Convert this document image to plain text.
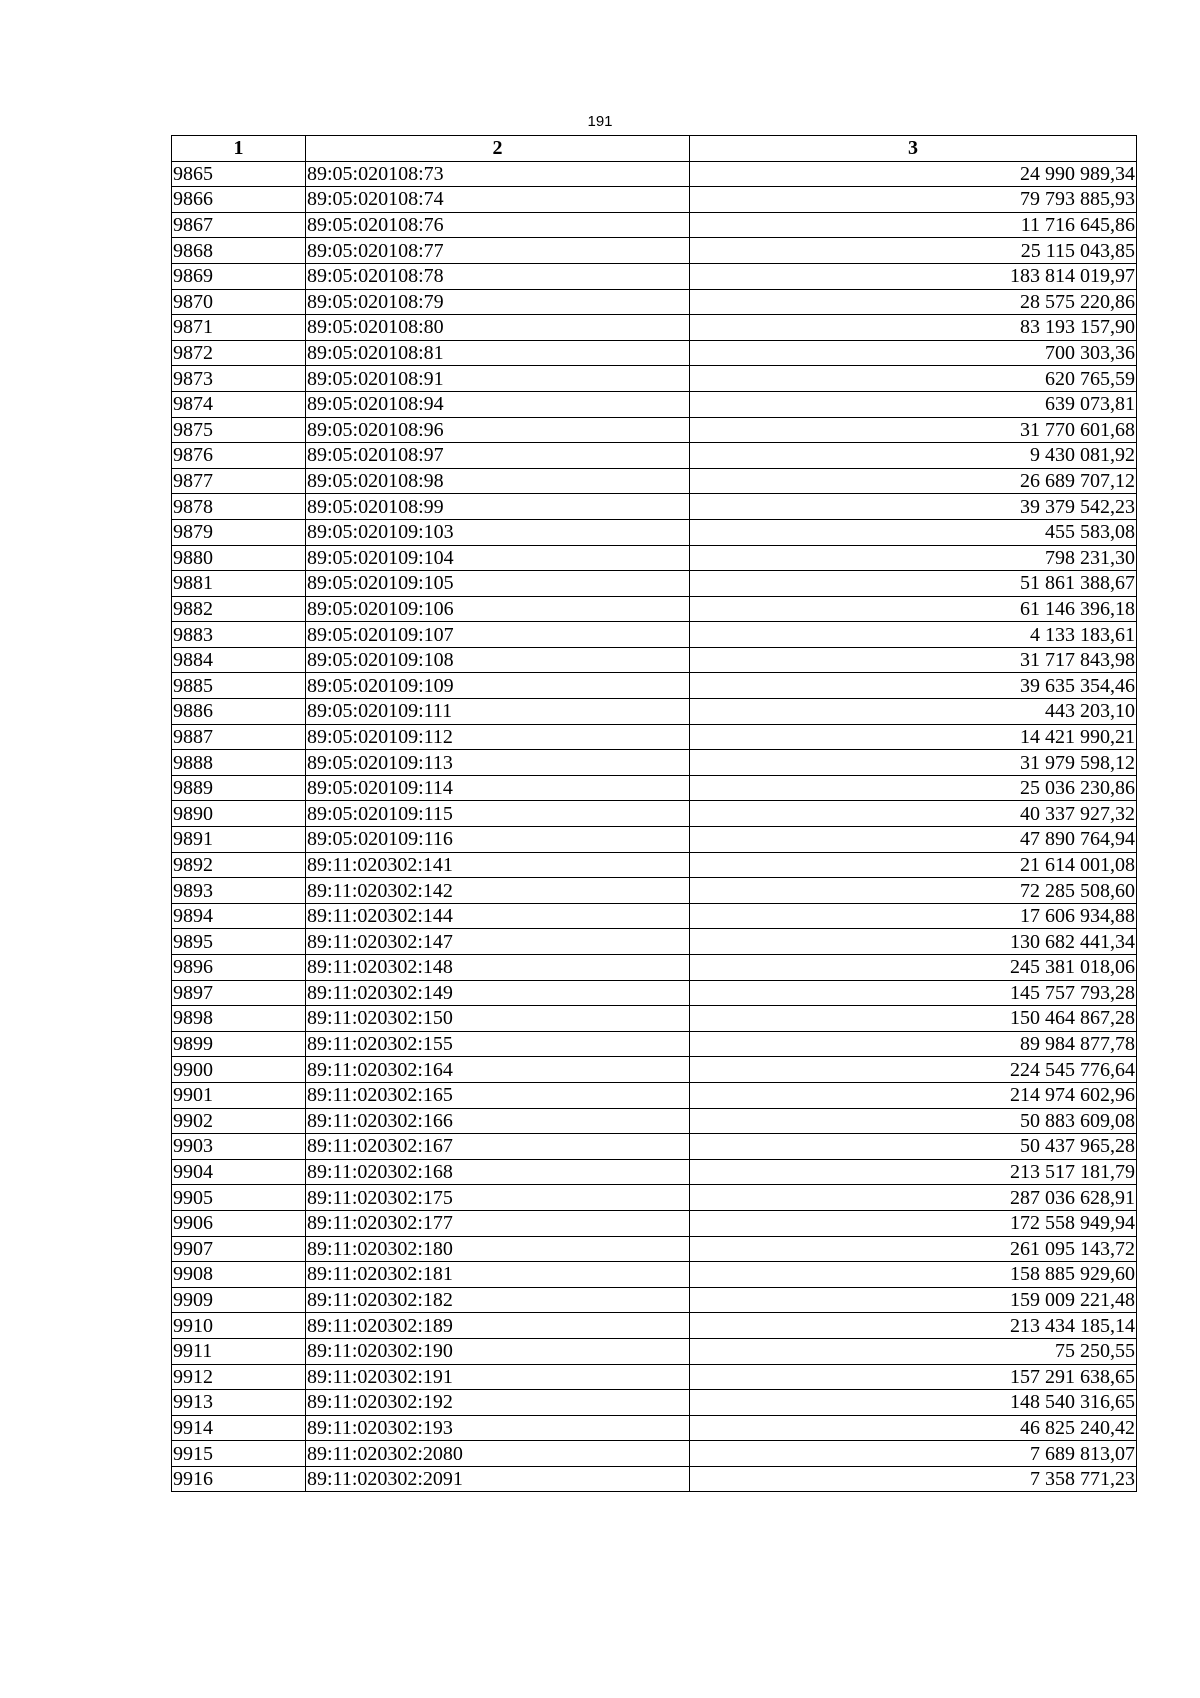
191
1	2	3
9865	89:05:020108:73	24 990 989,34
9866	89:05:020108:74	79 793 885,93
9867	89:05:020108:76	11 716 645,86
9868	89:05:020108:77	25 115 043,85
9869	89:05:020108:78	183 814 019,97
9870	89:05:020108:79	28 575 220,86
9871	89:05:020108:80	83 193 157,90
9872	89:05:020108:81	700 303,36
9873	89:05:020108:91	620 765,59
9874	89:05:020108:94	639 073,81
9875	89:05:020108:96	31 770 601,68
9876	89:05:020108:97	9 430 081,92
9877	89:05:020108:98	26 689 707,12
9878	89:05:020108:99	39 379 542,23
9879	89:05:020109:103	455 583,08
9880	89:05:020109:104	798 231,30
9881	89:05:020109:105	51 861 388,67
9882	89:05:020109:106	61 146 396,18
9883	89:05:020109:107	4 133 183,61
9884	89:05:020109:108	31 717 843,98
9885	89:05:020109:109	39 635 354,46
9886	89:05:020109:111	443 203,10
9887	89:05:020109:112	14 421 990,21
9888	89:05:020109:113	31 979 598,12
9889	89:05:020109:114	25 036 230,86
9890	89:05:020109:115	40 337 927,32
9891	89:05:020109:116	47 890 764,94
9892	89:11:020302:141	21 614 001,08
9893	89:11:020302:142	72 285 508,60
9894	89:11:020302:144	17 606 934,88
9895	89:11:020302:147	130 682 441,34
9896	89:11:020302:148	245 381 018,06
9897	89:11:020302:149	145 757 793,28
9898	89:11:020302:150	150 464 867,28
9899	89:11:020302:155	89 984 877,78
9900	89:11:020302:164	224 545 776,64
9901	89:11:020302:165	214 974 602,96
9902	89:11:020302:166	50 883 609,08
9903	89:11:020302:167	50 437 965,28
9904	89:11:020302:168	213 517 181,79
9905	89:11:020302:175	287 036 628,91
9906	89:11:020302:177	172 558 949,94
9907	89:11:020302:180	261 095 143,72
9908	89:11:020302:181	158 885 929,60
9909	89:11:020302:182	159 009 221,48
9910	89:11:020302:189	213 434 185,14
9911	89:11:020302:190	75 250,55
9912	89:11:020302:191	157 291 638,65
9913	89:11:020302:192	148 540 316,65
9914	89:11:020302:193	46 825 240,42
9915	89:11:020302:2080	7 689 813,07
9916	89:11:020302:2091	7 358 771,23
